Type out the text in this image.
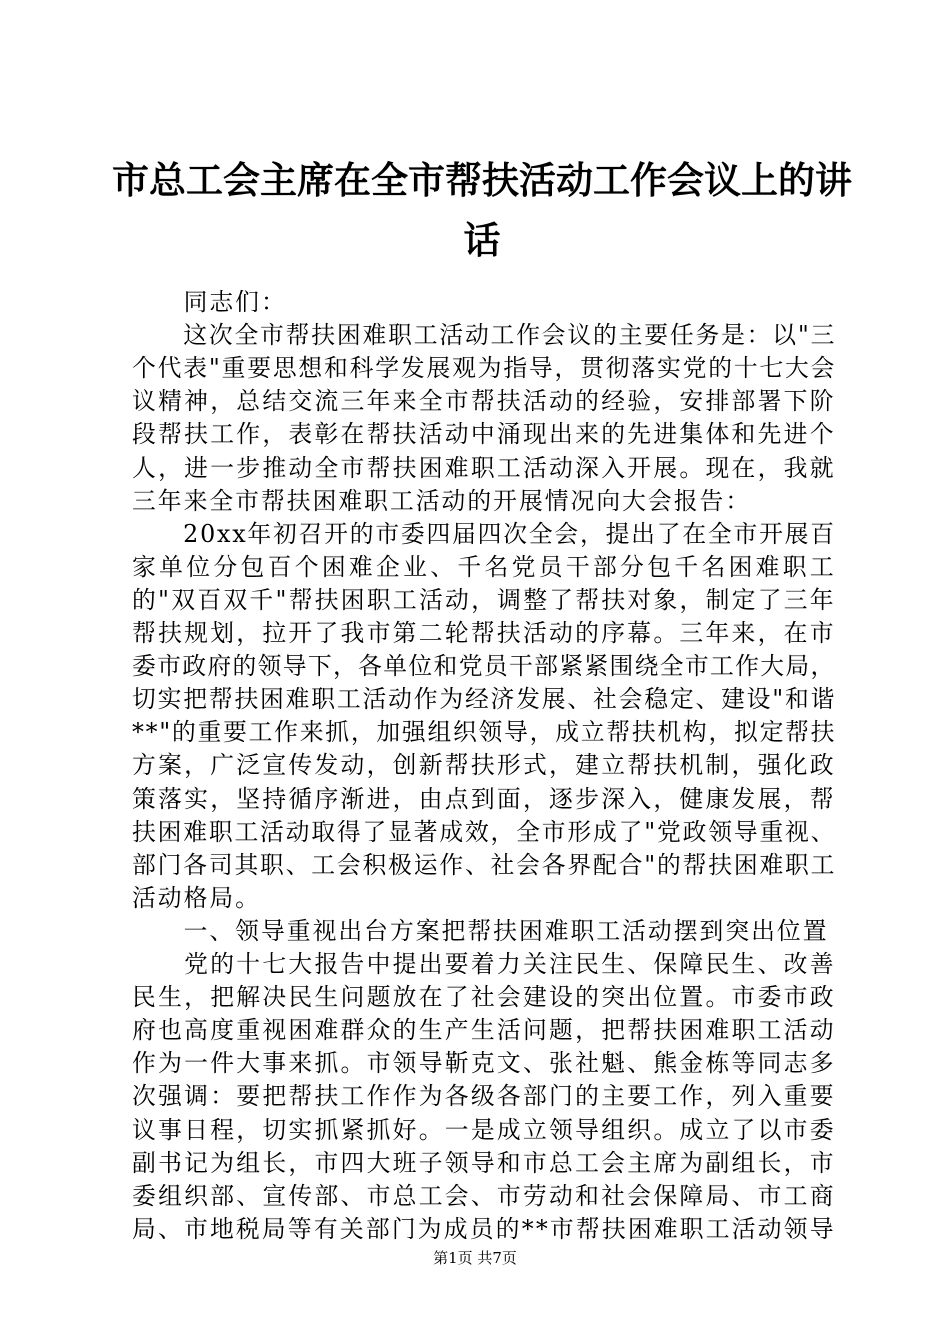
市总工会主席在全市帮扶活动工作会议上的讲
话
　　同志们：
　　这次全市帮扶困难职工活动工作会议的主要任务是：以"三
个代表"重要思想和科学发展观为指导，贯彻落实党的十七大会
议精神，总结交流三年来全市帮扶活动的经验，安排部署下阶
段帮扶工作，表彰在帮扶活动中涌现出来的先进集体和先进个
人，进一步推动全市帮扶困难职工活动深入开展。现在，我就
三年来全市帮扶困难职工活动的开展情况向大会报告：
　　20xx年初召开的市委四届四次全会，提出了在全市开展百
家单位分包百个困难企业、千名党员干部分包千名困难职工
的"双百双千"帮扶困职工活动，调整了帮扶对象，制定了三年
帮扶规划，拉开了我市第二轮帮扶活动的序幕。三年来，在市
委市政府的领导下，各单位和党员干部紧紧围绕全市工作大局，
切实把帮扶困难职工活动作为经济发展、社会稳定、建设"和谐
**"的重要工作来抓，加强组织领导，成立帮扶机构，拟定帮扶
方案，广泛宣传发动，创新帮扶形式，建立帮扶机制，强化政
策落实，坚持循序渐进，由点到面，逐步深入，健康发展，帮
扶困难职工活动取得了显著成效，全市形成了"党政领导重视、
部门各司其职、工会积极运作、社会各界配合"的帮扶困难职工
活动格局。
　　一、领导重视出台方案把帮扶困难职工活动摆到突出位置
　　党的十七大报告中提出要着力关注民生、保障民生、改善
民生，把解决民生问题放在了社会建设的突出位置。市委市政
府也高度重视困难群众的生产生活问题，把帮扶困难职工活动
作为一件大事来抓。市领导靳克文、张社魁、熊金栋等同志多
次强调：要把帮扶工作作为各级各部门的主要工作，列入重要
议事日程，切实抓紧抓好。一是成立领导组织。成立了以市委
副书记为组长，市四大班子领导和市总工会主席为副组长，市
委组织部、宣传部、市总工会、市劳动和社会保障局、市工商
局、市地税局等有关部门为成员的**市帮扶困难职工活动领导
第1页 共7页
